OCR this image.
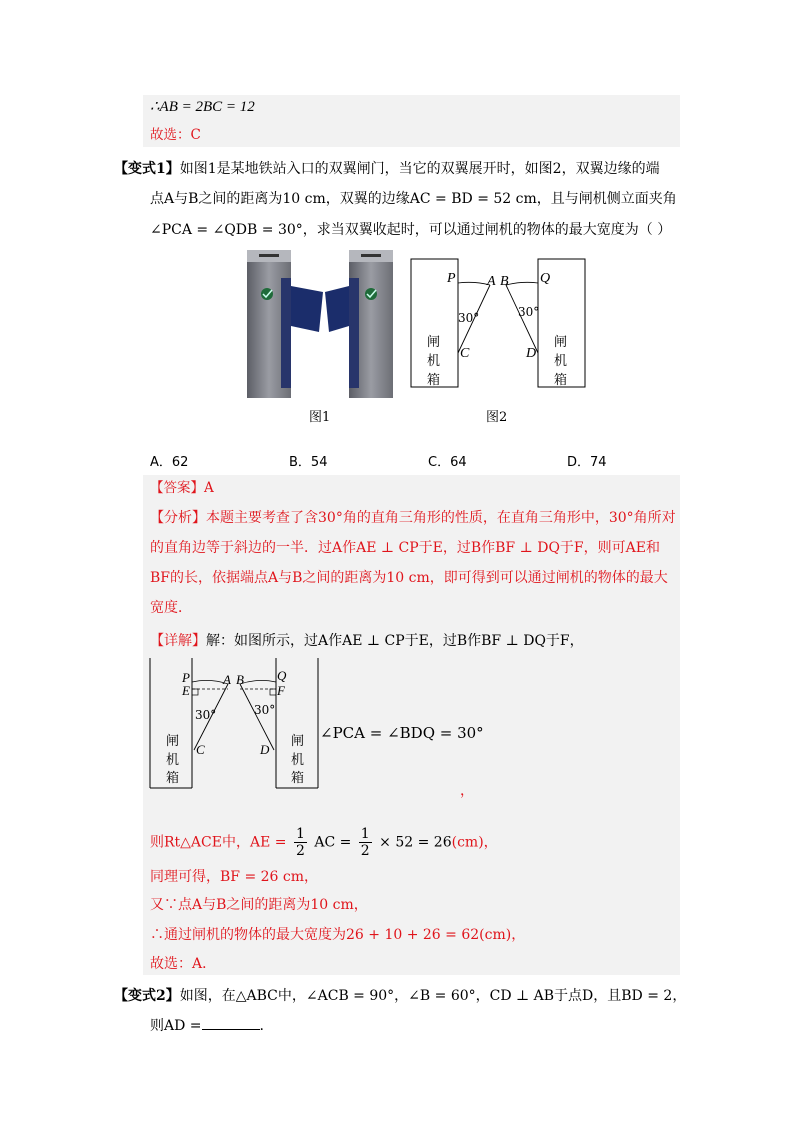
∴AB = 2BC = 12
故选：C
【变式1】如图1是某地铁站入口的双翼闸门，当它的双翼展开时，如图2，双翼边缘的端
点A与B之间的距离为10 cm，双翼的边缘AC = BD = 52 cm，且与闸机侧立面夹角
∠PCA = ∠QDB = 30°，求当双翼收起时，可以通过闸机的物体的最大宽度为（ ）
图1
P A B Q
C	D
30°	30°
闸
机
箱
闸
机
箱
图2
A．62	B．54	C．64	D．74
【答案】A
【分析】本题主要考查了含30°角的直角三角形的性质，在直角三角形中，30°角所对
的直角边等于斜边的一半．过A作AE ⊥ CP于E，过B作BF ⊥ DQ于F，则可AE和
BF的长，依据端点A与B之间的距离为10 cm，即可得到可以通过闸机的物体的最大
宽度．
【详解】解：如图所示，过A作AE ⊥ CP于E，过B作BF ⊥ DQ于F，
P
E
A B	Q
F
C	D
30°	30°
闸
机
箱
闸
机
箱
∠PCA = ∠BDQ = 30°
，
则Rt△ACE中，AE = $\frac{1}{2}$ AC = $\frac{1}{2} \times 52 = 26(cm)$，
同理可得，BF = 26 cm，
又∵点A与B之间的距离为10 cm，
∴通过闸机的物体的最大宽度为26 + 10 + 26 = 62(cm)，
故选：A．
【变式2】如图，在△ABC中，∠ACB = 90°，∠B = 60°，CD ⊥ AB于点D，且BD = 2，
则AD =	.
